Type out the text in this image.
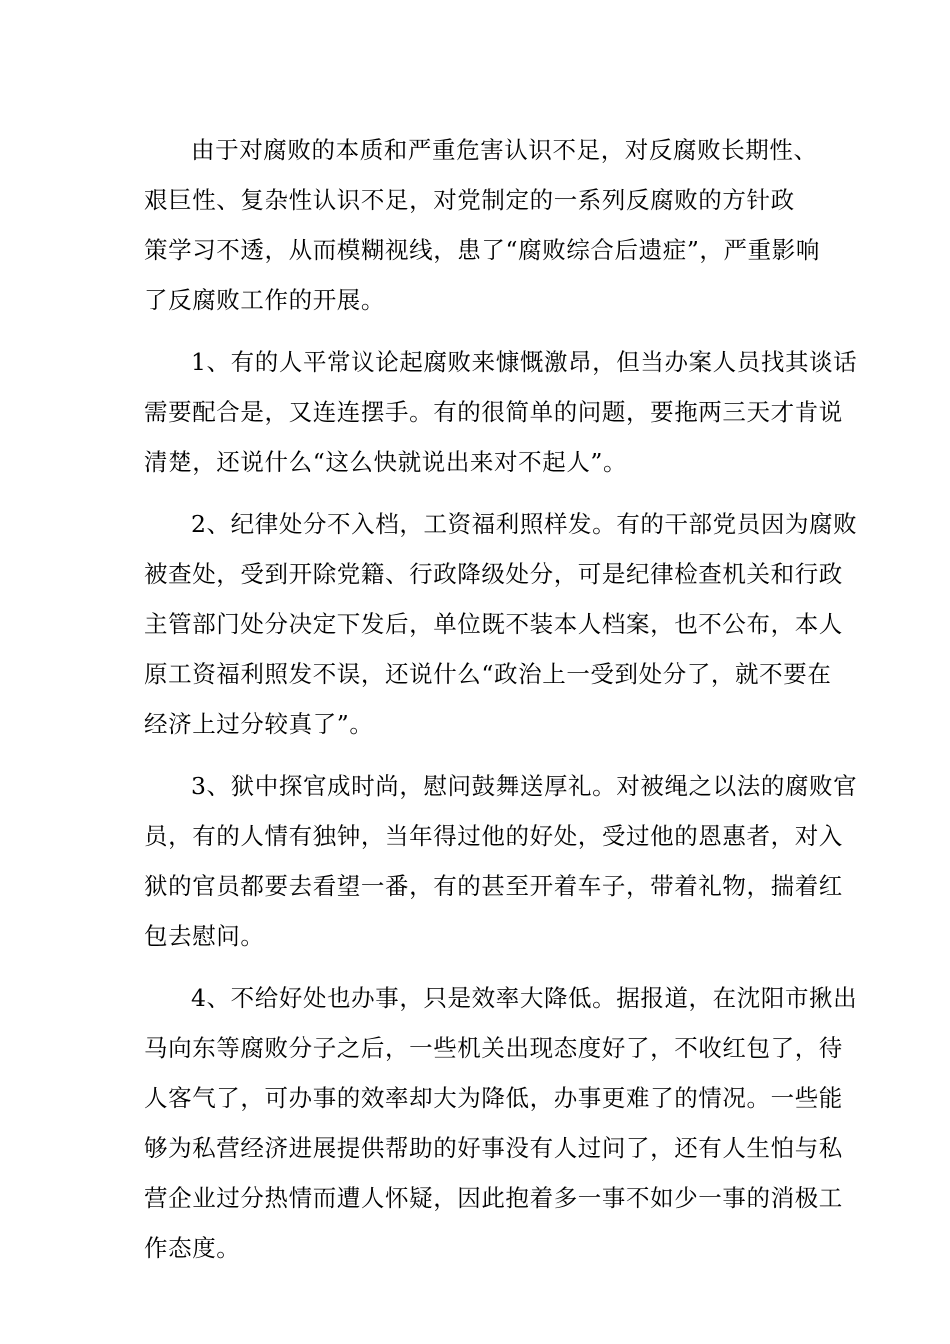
由于对腐败的本质和严重危害认识不足，对反腐败长期性、
艰巨性、复杂性认识不足，对党制定的一系列反腐败的方针政
策学习不透，从而模糊视线，患了“腐败综合后遗症”，严重影响
了反腐败工作的开展。
1、有的人平常议论起腐败来慷慨激昂，但当办案人员找其谈话
需要配合是，又连连摆手。有的很简单的问题，要拖两三天才肯说
清楚，还说什么“这么快就说出来对不起人”。
2、纪律处分不入档，工资福利照样发。有的干部党员因为腐败
被查处，受到开除党籍、行政降级处分，可是纪律检查机关和行政
主管部门处分决定下发后，单位既不装本人档案，也不公布，本人
原工资福利照发不误，还说什么“政治上一受到处分了，就不要在
经济上过分较真了”。
3、狱中探官成时尚，慰问鼓舞送厚礼。对被绳之以法的腐败官
员，有的人情有独钟，当年得过他的好处，受过他的恩惠者，对入
狱的官员都要去看望一番，有的甚至开着车子，带着礼物，揣着红
包去慰问。
4、不给好处也办事，只是效率大降低。据报道，在沈阳市揪出
马向东等腐败分子之后，一些机关出现态度好了，不收红包了，待
人客气了，可办事的效率却大为降低，办事更难了的情况。一些能
够为私营经济进展提供帮助的好事没有人过问了，还有人生怕与私
营企业过分热情而遭人怀疑，因此抱着多一事不如少一事的消极工
作态度。
